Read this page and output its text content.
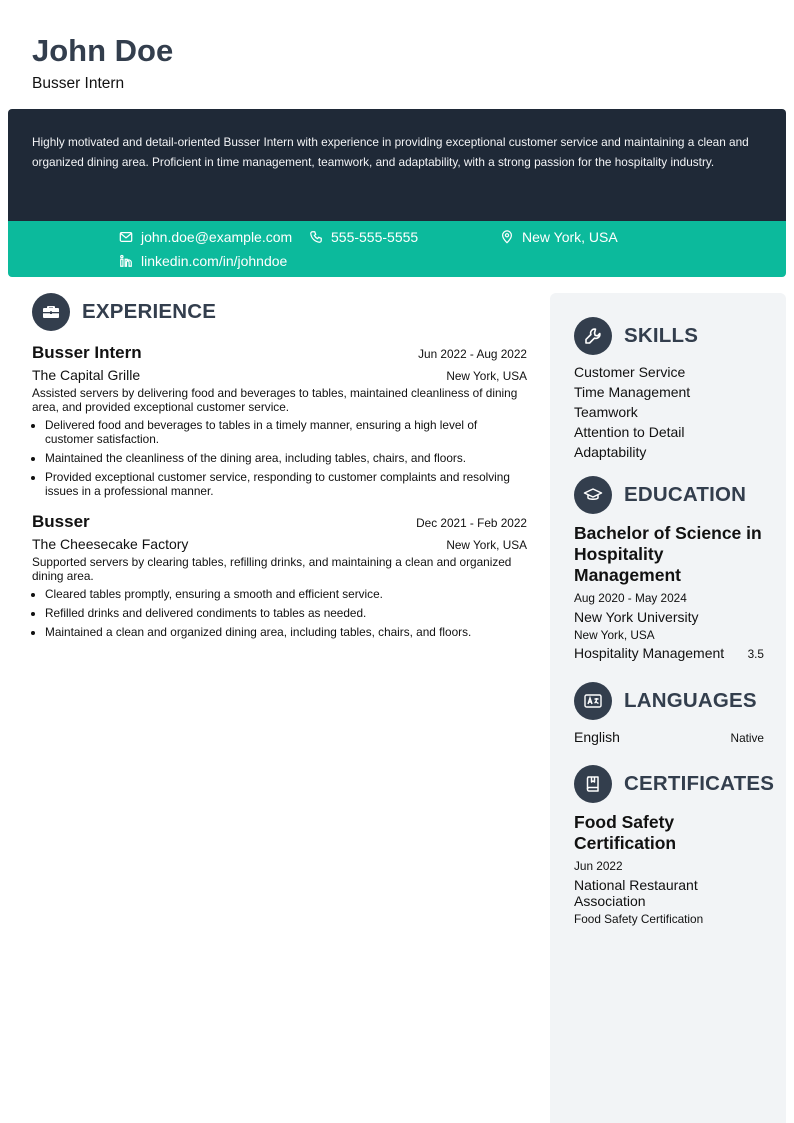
John Doe
Busser Intern
Highly motivated and detail-oriented Busser Intern with experience in providing exceptional customer service and maintaining a clean and organized dining area. Proficient in time management, teamwork, and adaptability, with a strong passion for the hospitality industry.
john.doe@example.com	555-555-5555	New York, USA
linkedin.com/in/johndoe
EXPERIENCE
Busser Intern	Jun 2022 - Aug 2022
The Capital Grille	New York, USA
Assisted servers by delivering food and beverages to tables, maintained cleanliness of dining area, and provided exceptional customer service.
• Delivered food and beverages to tables in a timely manner, ensuring a high level of customer satisfaction.
• Maintained the cleanliness of the dining area, including tables, chairs, and floors.
• Provided exceptional customer service, responding to customer complaints and resolving issues in a professional manner.
Busser	Dec 2021 - Feb 2022
The Cheesecake Factory	New York, USA
Supported servers by clearing tables, refilling drinks, and maintaining a clean and organized dining area.
• Cleared tables promptly, ensuring a smooth and efficient service.
• Refilled drinks and delivered condiments to tables as needed.
• Maintained a clean and organized dining area, including tables, chairs, and floors.
SKILLS
Customer Service
Time Management
Teamwork
Attention to Detail
Adaptability
EDUCATION
Bachelor of Science in Hospitality Management
Aug 2020 - May 2024
New York University
New York, USA
Hospitality Management 3.5
LANGUAGES
English	Native
CERTIFICATES
Food Safety Certification
Jun 2022
National Restaurant Association
Food Safety Certification
